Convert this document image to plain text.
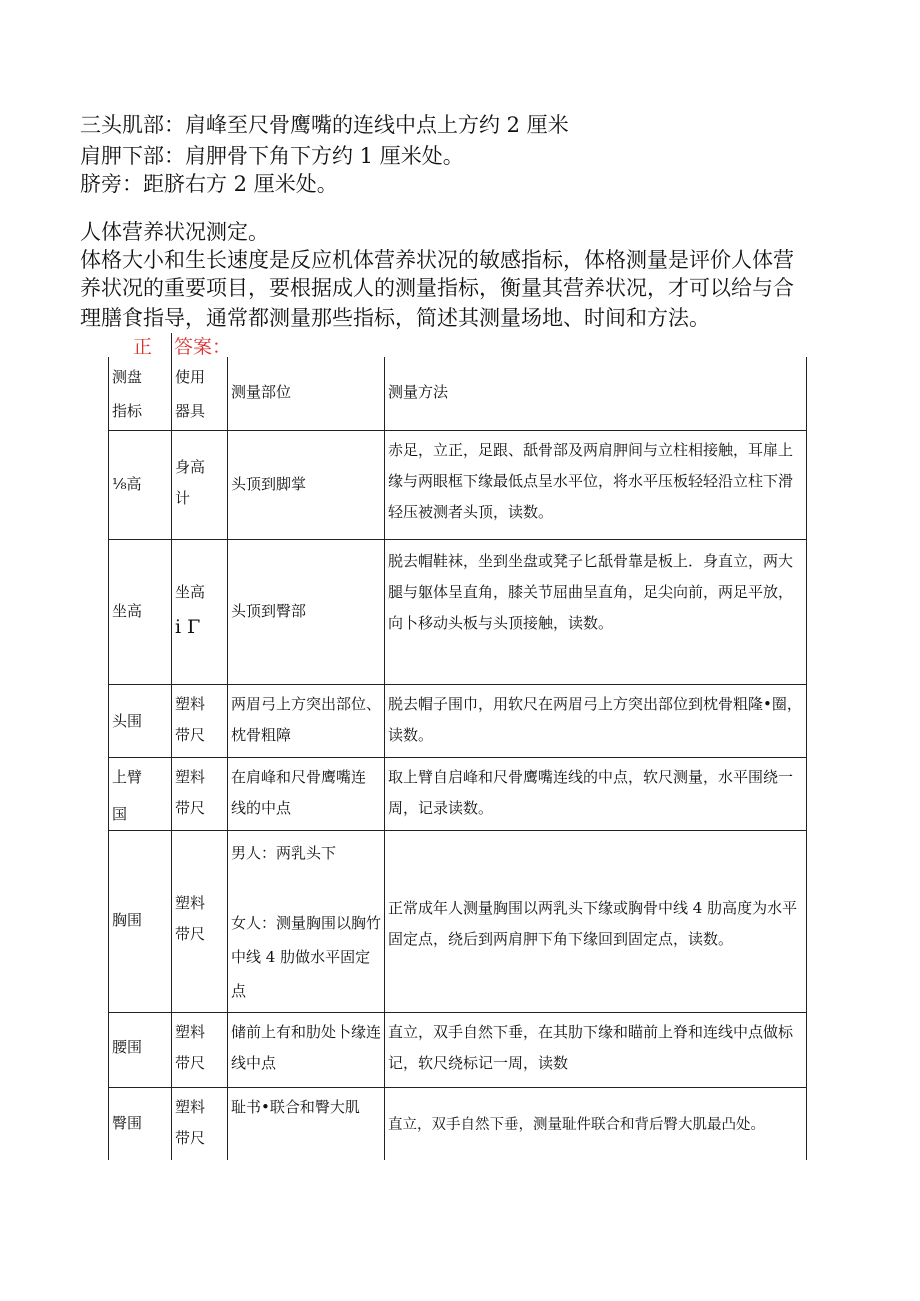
三头肌部：肩峰至尺骨鹰嘴的连线中点上方约 2 厘米
肩胛下部：肩胛骨下角下方约 1 厘米处。
脐旁：距脐右方 2 厘米处。
人体营养状况测定。
体格大小和生长速度是反应机体营养状况的敏感指标，体格测量是评价人体营
养状况的重要项目，要根据成人的测量指标，衡量其营养状况，才可以给与合
理膳食指导，通常都测量那些指标，简述其测量场地、时间和方法。
正 答案：
测盘
指标
使用
器具
测量部位	测量方法
⅛高
身高计
头顶到脚掌
赤足，立正，足跟、舐骨部及两肩胛间与立柱相接触，耳扉上缘与两眼框下缘最低点呈水平位，将水平压板轻轻沿立柱下滑轻压被测者头顶，读数。
坐高
坐高
i Γ
头顶到臀部
脱去帽鞋袜，坐到坐盘或凳子匕舐骨靠是板上．身直立，两大腿与躯体呈直角，膝关节屈曲呈直角，足尖向前，两足平放，向卜移动头板与头顶接触，读数。
头围
塑料带尺
两眉弓上方突出部位、枕骨粗障
脱去帽子围巾，用软尺在两眉弓上方突出部位到枕骨粗隆•圈，读数。
上臂
国
塑料带尺
在肩峰和尺骨鹰嘴连线的中点
取上臂自启峰和尺骨鹰嘴连线的中点，软尺测量，水平围绕一周，记录读数。
胸围
塑料带尺
男人：两乳头下
女人：测量胸围以胸竹中线 4 肋做水平固定点
正常成年人测量胸围以两乳头下缘或胸骨中线 4 肋高度为水平固定点，绕后到两肩胛下角下缘回到固定点，读数。
腰围
塑料带尺
储前上有和肋处卜缘连线中点
直立，双手自然下垂，在其肋下缘和瞄前上脊和连线中点做标记，软尺绕标记一周，读数
臀围
塑料带尺
耻书•联合和臀大肌
直立，双手自然下垂，测量耻件联合和背后臀大肌最凸处。
